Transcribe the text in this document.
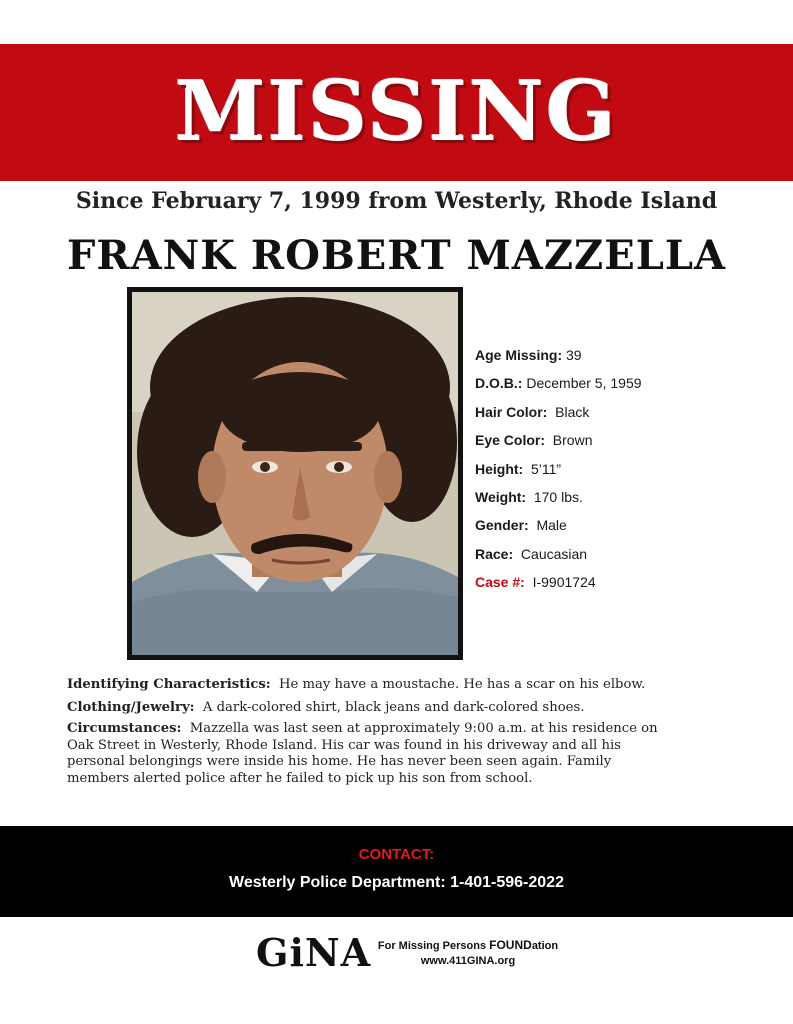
MISSING
Since February 7, 1999 from Westerly, Rhode Island
FRANK ROBERT MAZZELLA
Age Missing: 39
D.O.B.: December 5, 1959
Hair Color:  Black
Eye Color:  Brown
Height:  5’11”
Weight:  170 lbs.
Gender:  Male
Race:  Caucasian
Case #:  I-9901724
Identifying Characteristics:  He may have a moustache. He has a scar on his elbow.
Clothing/Jewelry:  A dark-colored shirt, black jeans and dark-colored shoes.
Circumstances:  Mazzella was last seen at approximately 9:00 a.m. at his residence on
Oak Street in Westerly, Rhode Island. His car was found in his driveway and all his
personal belongings were inside his home. He has never been seen again. Family
members alerted police after he failed to pick up his son from school.
CONTACT:
Westerly Police Department: 1-401-596-2022
GiNA For Missing Persons FOUNDation
www.411GINA.org
